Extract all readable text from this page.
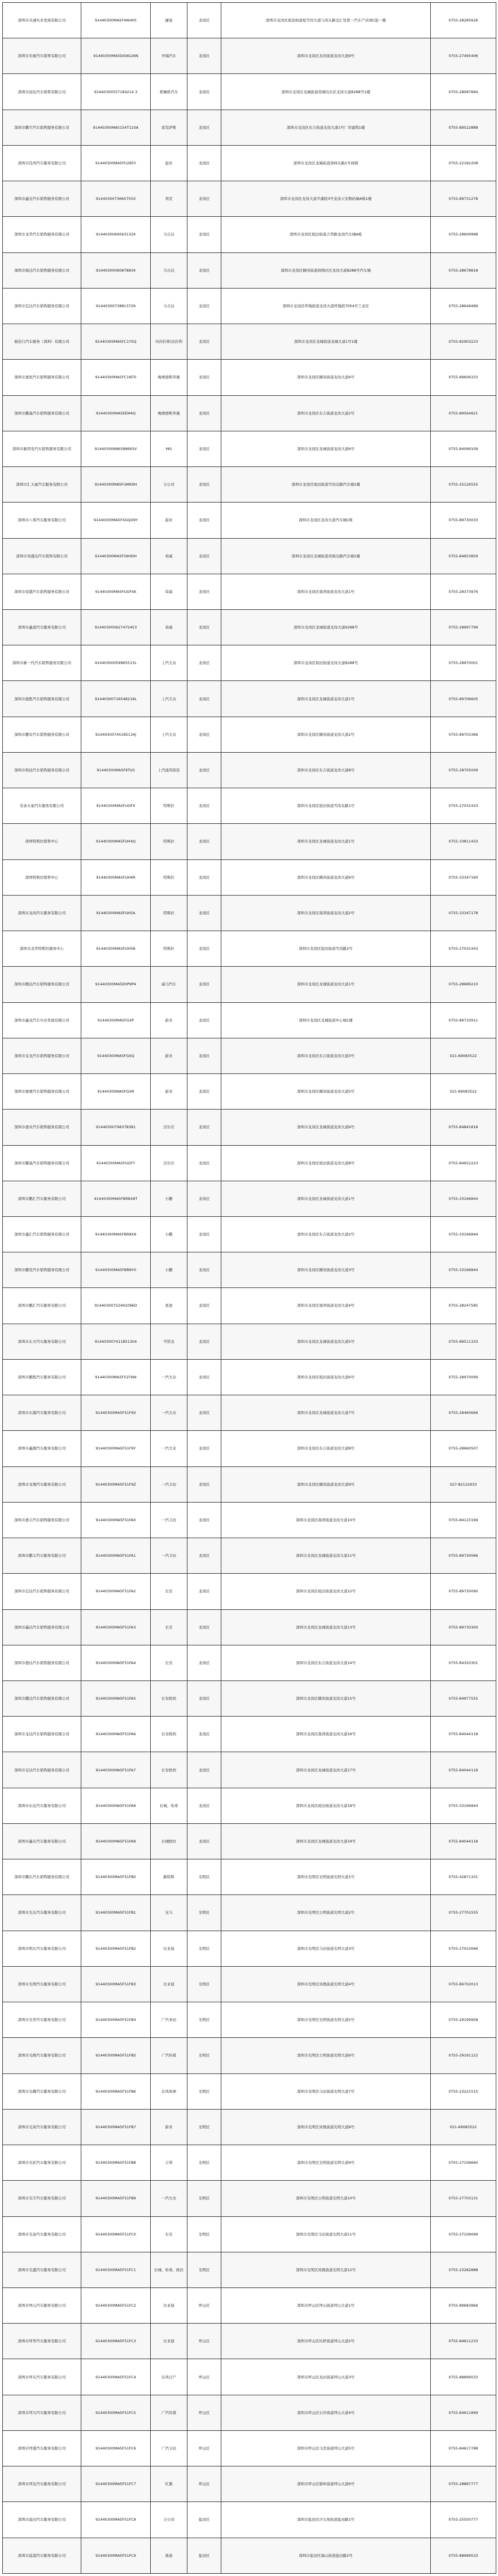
深圳市众诚实业发展有限公司	91440300MA5F4W405	捷途	龙岗区	深圳市龙岗区坂田街道坂雪岗大道与岗头路交汇处第一汽车产业园C座一楼	0755-28285626
深圳市名骏汽车销售有限公司	91440300MA5DG9G29N	开瑞汽车	龙岗区	深圳市龙岗区龙岗街道龙岗大道9号	0755-27495406
深圳市冠达汽车销售有限公司	91440300557184214 3	机械机汽车	龙岗区	深圳市龙岗区龙城街道黄阁坑社区龙岗大道8288号1楼	0755-28087684
深圳市鹏宇汽车销售服务有限公司	91440300MA5154T110A	雷克萨斯	龙岗区	深圳市龙岗区布吉街道龙岗大道1号厂房建筑1楼	0755-89522888
深圳市佳鸿汽车服务有限公司	91440300MA5FU285Y	起亚	龙岗区	深圳市龙岗区龙城街道清林东路1号商铺	0755-22182208
深圳市鑫宝汽车销售服务有限公司	9144030073665755X	领克	龙岗区	深圳市龙岗区龙岗大道平湖段3号龙岗天安数码城A栋1楼	0755-89731278
深圳市龙华汽车销售服务有限公司	91440300695631324	马自达	龙岗区	深圳市龙岗区坂田街道吉华路龙岗汽车城A栋	0755-28609998
深圳市骏达汽车销售服务有限公司	91440300060878834	马自达	龙岗区	深圳市龙岗区横岗街道荷坳社区龙岗大道8288号汽车城	0755-28678818
深圳市宏达汽车销售服务有限公司	91440300738813729	马自达	龙岗区	深圳市龙岗区坪地街道龙岗大道坪地段7054号工业区	0755-28649489
骏佳行汽车服务（深圳）有限公司	91440300MA5FC1Y5Q	玛莎拉蒂/法拉利	龙岗区	深圳市龙岗区龙城街道龙城大道1号1楼	0755-82903223
深圳市嘉星汽车销售服务有限公司	91440300MA5FC1NT0	梅赛德斯奔驰	龙岗区	深圳市龙岗区横岗街道龙岗大道6号	0755-89606333
深圳市鹏基汽车销售服务有限公司	91440300MA5EEM4Q	梅赛德斯奔驰	龙岗区	深圳市龙岗区布吉街道龙岗大道2号	0755-89564621
深圳市新鸿发汽车销售服务有限公司	91440300686588693V	MG	龙岗区	深圳市龙岗区龙城街道龙岗大道6号	0755-84099109
深圳市汇天豪汽车服务有限公司	91440300MA5FUMK9H	分公司	龙岗区	深圳市龙岗区坂田街道雪岗北路汽车城1楼	0755-25126555
深圳市八零汽车服务有限公司	91440300MA5FXGQX9Y	起亚	龙岗区	深圳市龙岗区龙岗大道汽车城C栋	0755-89730033
深圳市荣盛达汽车销售有限公司	91440300MA5F59HDH	荣威	龙岗区	深圳市龙岗区龙城街道黄阁北路汽车城1楼	0755-84653859
深圳市荣盛汽车销售服务有限公司	91440300MA5FUGFSK	荣威	龙岗区	深圳市龙岗区南湾街道龙岗大道1号	0755-28373976
深圳市鑫道汽车服务有限公司	914403000627475453	荣威	龙岗区	深圳市龙岗区龙城街道龙岗大道6288号	0755-28997799
深圳市新一代汽车销售服务有限公司	91440300059965515L	上汽大众	龙岗区	深圳市龙岗区坂田街道龙岗大道8288号	0755-28970001
深圳市德胜汽车销售服务有限公司	91440300716548218L	上汽大众	龙岗区	深圳市龙岗区龙城街道龙岗大道1号	0755-89706605
深圳市鹏安汽车销售服务有限公司	91440300745185134J	上汽大众	龙岗区	深圳市龙岗区横岗街道龙岗大道2号	0755-89703366
深圳市和远汽车销售服务有限公司	91440300MA5FKTUS	上汽通用别克	龙岗区	深圳市龙岗区布吉街道龙岗大道8号	0755-28705009
有余方豪汽车服务有限公司	91440300MA5FUGFX	特斯拉	龙岗区	深圳市龙岗区坂田街道雪岗北路1号	0755-27031433
深圳特斯拉销售中心	91440300MA5FUH4Q	特斯拉	龙岗区	深圳市龙岗区龙城街道龙岗大道1号	0755-33811433
深圳特斯拉销售中心	91440300MA5FUH4R	特斯拉	龙岗区	深圳市龙岗区横岗街道龙岗大道6号	0755-33347190
深圳市龙岗汽车服务有限公司	91440300MA5FUH5A	特斯拉	龙岗区	深圳市龙岗区南湾街道龙岗大道2号	0755-33347178
深圳市龙华特斯拉服务中心	91440300MA5FUH5B	特斯拉	龙岗区	深圳市龙岗区坂田街道雪岗路2号	0755-27031443
深圳市腾达汽车销售服务有限公司	91440300MA5EHP9P4	威马汽车	龙岗区	深圳市龙岗区龙城街道龙岗大道1号	0755-28689210
深圳市鑫龙汽车实业发展有限公司	91440300MA5FGXP	蔚来	龙岗区	深圳市龙岗区龙城街道中心城1楼	0755-89733911
深圳市宝龙汽车销售服务有限公司	91440300MA5FGXQ	蔚来	龙岗区	深圳市龙岗区布吉街道龙岗大道3号	021-69083522
深圳市德赛汽车销售服务有限公司	91440300MA5FGXR	蔚来	龙岗区	深圳市龙岗区横岗街道龙岗大道5号	021-69083522
深圳市德业汽车销售服务有限公司	91440300798378381	沃尔沃	龙岗区	深圳市龙岗区龙城街道龙岗大道6号	0755-84841818
深圳市鹏基汽车销售服务有限公司	91440300MA5FUGFY	沃尔沃	龙岗区	深圳市龙岗区坂田街道龙岗大道8号	0755-84652223
深圳市鹏汇汽车服务有限公司	91440300MA5FBR8X8T	小鹏	龙岗区	深圳市龙岗区龙城街道龙岗大道1号	0755-33166844
深圳市鑫汇汽车销售服务有限公司	91440300MA5FBR8X9	小鹏	龙岗区	深圳市龙岗区布吉街道龙岗大道2号	0755-33166844
深圳市鹏发汽车销售服务有限公司	91440300MA5FBR8Y0	小鹏	龙岗区	深圳市龙岗区横岗街道龙岗大道3号	0755-33166844
深圳市鹏汇汽车服务有限公司	91440300752491096D	星途	龙岗区	深圳市龙岗区南湾街道龙岗大道4号	0755-28247585
深圳市东方汽车服务有限公司	914403007411851304	雪铁龙	龙岗区	深圳市龙岗区龙城街道龙岗大道5号	0755-89511333
深圳市鹏程汽车服务有限公司	91440300MA5F51F9W	一汽大众	龙岗区	深圳市龙岗区坂田街道龙岗大道6号	0755-28970099
深圳市东源汽车服务有限公司	91440300MA5F51F9X	一汽大众	龙岗区	深圳市龙岗区龙城街道龙岗大道7号	0755-28460666
深圳市鑫源汽车服务有限公司	91440300MA5F51F9Y	一汽大众	龙岗区	深圳市龙岗区布吉街道龙岗大道8号	0755-28660507
深圳市龙翔汽车服务有限公司	91440300MA5F51F9Z	一汽丰田	龙岗区	深圳市龙岗区横岗街道龙岗大道9号	027-82122933
深圳市德丰汽车销售服务有限公司	91440300MA5F51FA0	一汽丰田	龙岗区	深圳市龙岗区南湾街道龙岗大道10号	0755-84123199
深圳市鹏丰汽车服务有限公司	91440300MA5F51FA1	一汽丰田	龙岗区	深圳市龙岗区龙城街道龙岗大道11号	0755-89730066
深圳市宏达汽车销售服务有限公司	91440300MA5F51FA2	长安	龙岗区	深圳市龙岗区坂田街道龙岗大道12号	0755-89730090
深圳市鑫达汽车销售服务有限公司	91440300MA5F51FA3	长安	龙岗区	深圳市龙岗区龙城街道龙岗大道13号	0755-89730300
深圳市德达汽车销售服务有限公司	91440300MA5F51FA4	长安	龙岗区	深圳市龙岗区布吉街道龙岗大道14号	0755-84320301
深圳市鹏达汽车销售服务有限公司	91440300MA5F51FA5	长安欧尚	龙岗区	深圳市龙岗区横岗街道龙岗大道15号	0755-84977555
深圳市龙达汽车销售服务有限公司	91440300MA5F51FA6	长安欧尚	龙岗区	深圳市龙岗区南湾街道龙岗大道16号	0755-84044118
深圳市宝达汽车销售服务有限公司	91440300MA5F51FA7	长安欧尚	龙岗区	深圳市龙岗区龙城街道龙岗大道17号	0755-84044118
深圳市东达汽车服务有限公司	91440300MA5F51FA8	长城、哈弗	龙岗区	深圳市龙岗区坂田街道龙岗大道18号	0755-33166844
深圳市鑫东汽车服务有限公司	91440300MA5F51FA9	长城欧拉	龙岗区	深圳市龙岗区龙城街道龙岗大道19号	0755-84044118
深圳市鹏东汽车销售服务有限公司	91440300MA5F51FB0	路特斯	光明区	深圳市光明区光明街道光明大道1号	0755-42871101
深圳市光东汽车服务有限公司	91440300MA5F51FB1	宝马	光明区	深圳市光明区公明街道光明大道2号	0755-27701555
深圳市明东汽车服务有限公司	91440300MA5F51FB2	比亚迪	光明区	深圳市光明区马田街道光明大道3号	0755-27010066
深圳市光明汽车服务有限公司	91440300MA5F51FB3	比亚迪	光明区	深圳市光明区凤凰街道光明大道4号	0755-86702013
深圳市光华汽车服务有限公司	91440300MA5F51FB4	广汽本田	光明区	深圳市光明区光明街道光明大道5号	0755-29199958
深圳市光辉汽车服务有限公司	91440300MA5F51FB5	广汽传祺	光明区	深圳市光明区公明街道光明大道6号	0755-29191122
深圳市光耀汽车服务有限公司	91440300MA5F51FB6	东风风神	光明区	深圳市光明区马田街道光明大道7号	0755-23221515
深圳市光荣汽车服务有限公司	91440300MA5F51FB7	蔚来	光明区	深圳市光明区凤凰街道光明大道8号	021-69083522
深圳市光彩汽车服务有限公司	91440300MA5F51FB8	吉利	光明区	深圳市光明区光明街道光明大道9号	0755-27106660
深圳市光宇汽车服务有限公司	91440300MA5F51FB9	一汽大众	光明区	深圳市光明区公明街道光明大道10号	0755-27703131
深圳市光泰汽车服务有限公司	91440300MA5F51FC0	长安	光明区	深圳市光明区马田街道光明大道11号	0755-27109099
深圳市光盛汽车服务有限公司	91440300MA5F51FC1	长城、哈弗、欧拉	光明区	深圳市光明区凤凰街道光明大道12号	0755-23282888
深圳市坪山汽车服务有限公司	91440300MA5F51FC2	比亚迪	坪山区	深圳市坪山区坪山街道坪山大道1号	0755-89683866
深圳市坪华汽车服务有限公司	91440300MA5F51FC3	比亚迪	坪山区	深圳市坪山区坑梓街道坪山大道2号	0755-84611233
深圳市坪东汽车服务有限公司	91440300MA5F51FC4	东风日产	坪山区	深圳市坪山区龙田街道坪山大道3号	0755-88899033
深圳市坪兴汽车服务有限公司	91440300MA5F51FC5	广汽传祺	坪山区	深圳市坪山区石井街道坪山大道4号	0755-84611899
深圳市坪盛汽车服务有限公司	91440300MA5F51FC6	广汽丰田	坪山区	深圳市坪山区马峦街道坪山大道5号	0755-84617788
深圳市坪达汽车服务有限公司	91440300MA5F51FC7	红旗	坪山区	深圳市坪山区碧岭街道坪山大道6号	0755-28887777
深圳市盐田汽车服务有限公司	91440300MA5F51FC8	分公司	盐田区	深圳市盐田区沙头角街道盐田路1号	0755-25550777
深圳市盐港汽车服务有限公司	91440300MA5F51FC9	奥迪	盐田区	深圳市盐田区海山街道盐田路2号	0755-88999533
